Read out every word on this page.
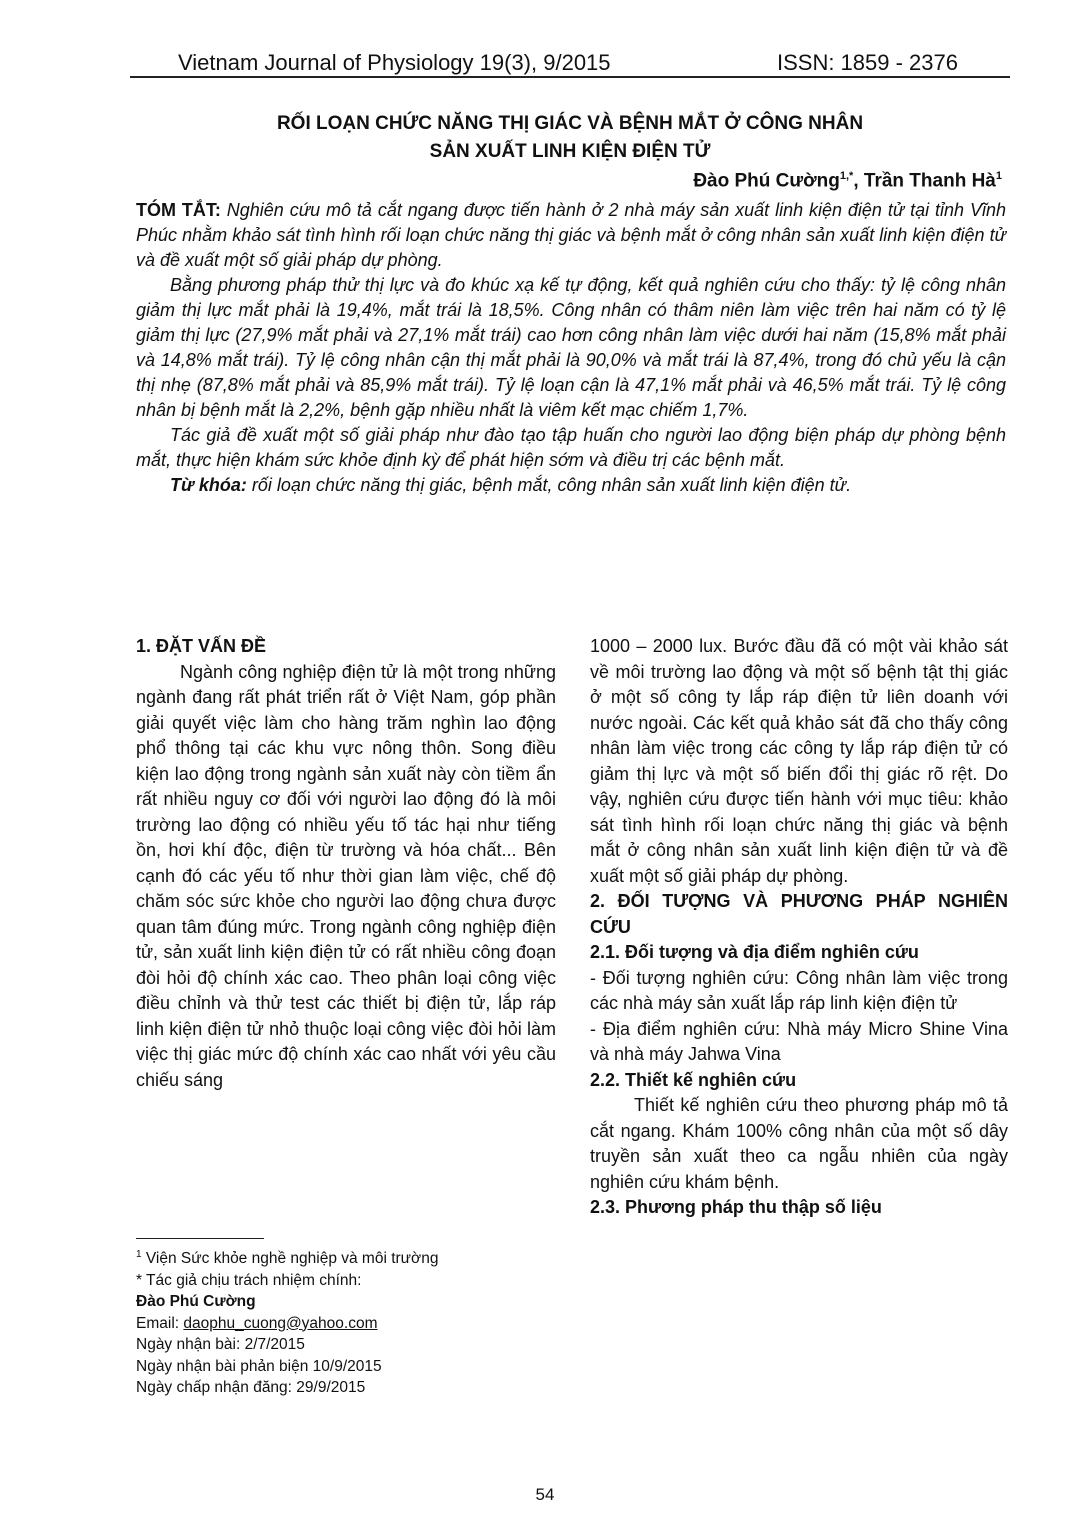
Vietnam Journal of Physiology 19(3), 9/2015	ISSN: 1859 - 2376
RỐI LOẠN CHỨC NĂNG THỊ GIÁC VÀ BỆNH MẮT Ở CÔNG NHÂN
SẢN XUẤT LINH KIỆN ĐIỆN TỬ
Đào Phú Cường$^{1,*}$, Trần Thanh $Hà^1$

TÓM TẮT: Nghiên cứu mô tả cắt ngang được tiến hành ở 2 nhà máy sản xuất linh kiện điện tử tại tỉnh Vĩnh Phúc nhằm khảo sát tình hình rối loạn chức năng thị giác và bệnh mắt ở công nhân sản xuất linh kiện điện tử và đề xuất một số giải pháp dự phòng.

Bằng phương pháp thử thị lực và đo khúc xạ kế tự động, kết quả nghiên cứu cho thấy: tỷ lệ công nhân giảm thị lực mắt phải là 19,4%, mắt trái là 18,5%. Công nhân có thâm niên làm việc trên hai năm có tỷ lệ giảm thị lực (27,9% mắt phải và 27,1% mắt trái) cao hơn công nhân làm việc dưới hai năm (15,8% mắt phải và 14,8% mắt trái). Tỷ lệ công nhân cận thị mắt phải là 90,0% và mắt trái là 87,4%, trong đó chủ yếu là cận thị nhẹ (87,8% mắt phải và 85,9% mắt trái). Tỷ lệ loạn cận là 47,1% mắt phải và 46,5% mắt trái. Tỷ lệ công nhân bị bệnh mắt là 2,2%, bệnh gặp nhiều nhất là viêm kết mạc chiếm 1,7%.

Tác giả đề xuất một số giải pháp như đào tạo tập huấn cho người lao động biện pháp dự phòng bệnh mắt, thực hiện khám sức khỏe định kỳ để phát hiện sớm và điều trị các bệnh mắt.

Từ khóa: rối loạn chức năng thị giác, bệnh mắt, công nhân sản xuất linh kiện điện tử.

1. ĐẶT VẤN ĐỀ

Ngành công nghiệp điện tử là một trong những ngành đang rất phát triển rất ở Việt Nam, góp phần giải quyết việc làm cho hàng trăm nghìn lao động phổ thông tại các khu vực nông thôn. Song điều kiện lao động trong ngành sản xuất này còn tiềm ẩn rất nhiều nguy cơ đối với người lao động đó là môi trường lao động có nhiều yếu tố tác hại như tiếng ồn, hơi khí độc, điện từ trường và hóa chất... Bên cạnh đó các yếu tố như thời gian làm việc, chế độ chăm sóc sức khỏe cho người lao động chưa được quan tâm đúng mức. Trong ngành công nghiệp điện tử, sản xuất linh kiện điện tử có rất nhiều công đoạn đòi hỏi độ chính xác cao. Theo phân loại công việc điều chỉnh và thử test các thiết bị điện tử, lắp ráp linh kiện điện tử nhỏ thuộc loại công việc đòi hỏi làm việc thị giác mức độ chính xác cao nhất với yêu cầu chiếu sáng

1000 – 2000 lux. Bước đầu đã có một vài khảo sát về môi trường lao động và một số bệnh tật thị giác ở một số công ty lắp ráp điện tử liên doanh với nước ngoài. Các kết quả khảo sát đã cho thấy công nhân làm việc trong các công ty lắp ráp điện tử có giảm thị lực và một số biến đổi thị giác rõ rệt. Do vậy, nghiên cứu được tiến hành với mục tiêu: khảo sát tình hình rối loạn chức năng thị giác và bệnh mắt ở công nhân sản xuất linh kiện điện tử và đề xuất một số giải pháp dự phòng.

2. ĐỐI TƯỢNG VÀ PHƯƠNG PHÁP NGHIÊN CỨU
2.1. Đối tượng và địa điểm nghiên cứu

- Đối tượng nghiên cứu: Công nhân làm việc trong các nhà máy sản xuất lắp ráp linh kiện điện tử

- Địa điểm nghiên cứu: Nhà máy Micro Shine Vina và nhà máy Jahwa Vina

2.2. Thiết kế nghiên cứu

Thiết kế nghiên cứu theo phương pháp mô tả cắt ngang. Khám 100% công nhân của một số dây truyền sản xuất theo ca ngẫu nhiên của ngày nghiên cứu khám bệnh.

2.3. Phương pháp thu thập số liệu
$^1$ Viện Sức khỏe nghề nghiệp và môi trường
* Tác giả chịu trách nhiệm chính:
Đào Phú Cường
Email: daophu_cuong@yahoo.com
Ngày nhận bài: 2/7/2015
Ngày nhận bài phản biện 10/9/2015
Ngày chấp nhận đăng: 29/9/2015
54
